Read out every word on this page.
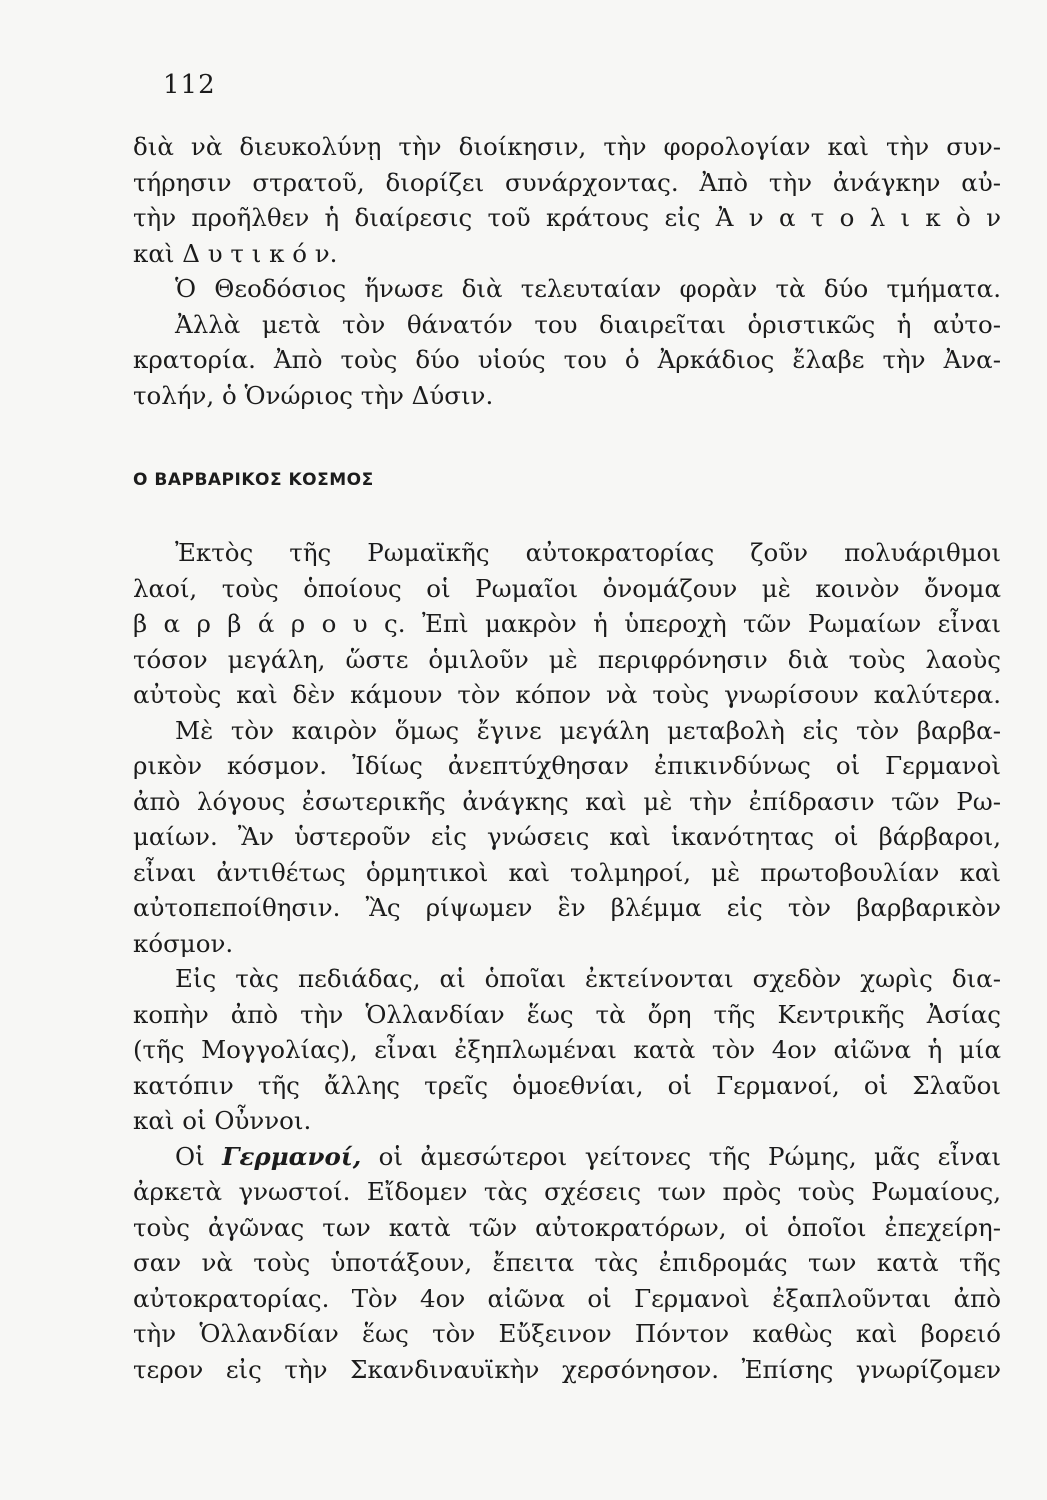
112
διὰ νὰ διευκολύνῃ τὴν διοίκησιν, τὴν φορολογίαν καὶ τὴν συν-
τήρησιν στρατοῦ, διορίζει συνάρχοντας. Ἀπὸ τὴν ἀνάγκην αὐ-
τὴν προῆλθεν ἡ διαίρεσις τοῦ κράτους εἰς Ἀ ν α τ ο λ ι κ ὸ ν
καὶ Δ υ τ ι κ ό ν.
Ὁ Θεοδόσιος ἥνωσε διὰ τελευταίαν φορὰν τὰ δύο τμήματα.
Ἀλλὰ μετὰ τὸν θάνατόν του διαιρεῖται ὁριστικῶς ἡ αὐτο-
κρατορία. Ἀπὸ τοὺς δύο υἱούς του ὁ Ἀρκάδιος ἔλαβε τὴν Ἀνα-
τολήν, ὁ Ὁνώριος τὴν Δύσιν.
Ο ΒΑΡΒΑΡΙΚΟΣ ΚΟΣΜΟΣ
Ἐκτὸς τῆς Ρωμαϊκῆς αὐτοκρατορίας ζοῦν πολυάριθμοι
λαοί, τοὺς ὁποίους οἱ Ρωμαῖοι ὀνομάζουν μὲ κοινὸν ὄνομα
β α ρ β ά ρ ο υ ς. Ἐπὶ μακρὸν ἡ ὑπεροχὴ τῶν Ρωμαίων εἶναι
τόσον μεγάλη, ὥστε ὁμιλοῦν μὲ περιφρόνησιν διὰ τοὺς λαοὺς
αὐτοὺς καὶ δὲν κάμουν τὸν κόπον νὰ τοὺς γνωρίσουν καλύτερα.
Μὲ τὸν καιρὸν ὅμως ἔγινε μεγάλη μεταβολὴ εἰς τὸν βαρβα-
ρικὸν κόσμον. Ἰδίως ἀνεπτύχθησαν ἐπικινδύνως οἱ Γερμανοὶ
ἀπὸ λόγους ἐσωτερικῆς ἀνάγκης καὶ μὲ τὴν ἐπίδρασιν τῶν Ρω-
μαίων. Ἂν ὑστεροῦν εἰς γνώσεις καὶ ἱκανότητας οἱ βάρβαροι,
εἶναι ἀντιθέτως ὁρμητικοὶ καὶ τολμηροί, μὲ πρωτοβουλίαν καὶ
αὐτοπεποίθησιν. Ἂς ρίψωμεν ἓν βλέμμα εἰς τὸν βαρβαρικὸν
κόσμον.
Εἰς τὰς πεδιάδας, αἱ ὁποῖαι ἐκτείνονται σχεδὸν χωρὶς δια-
κοπὴν ἀπὸ τὴν Ὁλλανδίαν ἕως τὰ ὄρη τῆς Κεντρικῆς Ἀσίας
(τῆς Μογγολίας), εἶναι ἐξηπλωμέναι κατὰ τὸν 4ον αἰῶνα ἡ μία
κατόπιν τῆς ἄλλης τρεῖς ὁμοεθνίαι, οἱ Γερμανοί, οἱ Σλαῦοι
καὶ οἱ Οὖννοι.
Οἱ Γερμανοί, οἱ ἀμεσώτεροι γείτονες τῆς Ρώμης, μᾶς εἶναι
ἀρκετὰ γνωστοί. Εἴδομεν τὰς σχέσεις των πρὸς τοὺς Ρωμαίους,
τοὺς ἀγῶνας των κατὰ τῶν αὐτοκρατόρων, οἱ ὁποῖοι ἐπεχείρη-
σαν νὰ τοὺς ὑποτάξουν, ἔπειτα τὰς ἐπιδρομάς των κατὰ τῆς
αὐτοκρατορίας. Τὸν 4ον αἰῶνα οἱ Γερμανοὶ ἐξαπλοῦνται ἀπὸ
τὴν Ὁλλανδίαν ἕως τὸν Εὔξεινον Πόντον καθὼς καὶ βορειό
τερον εἰς τὴν Σκανδιναυϊκὴν χερσόνησον. Ἐπίσης γνωρίζομεν
